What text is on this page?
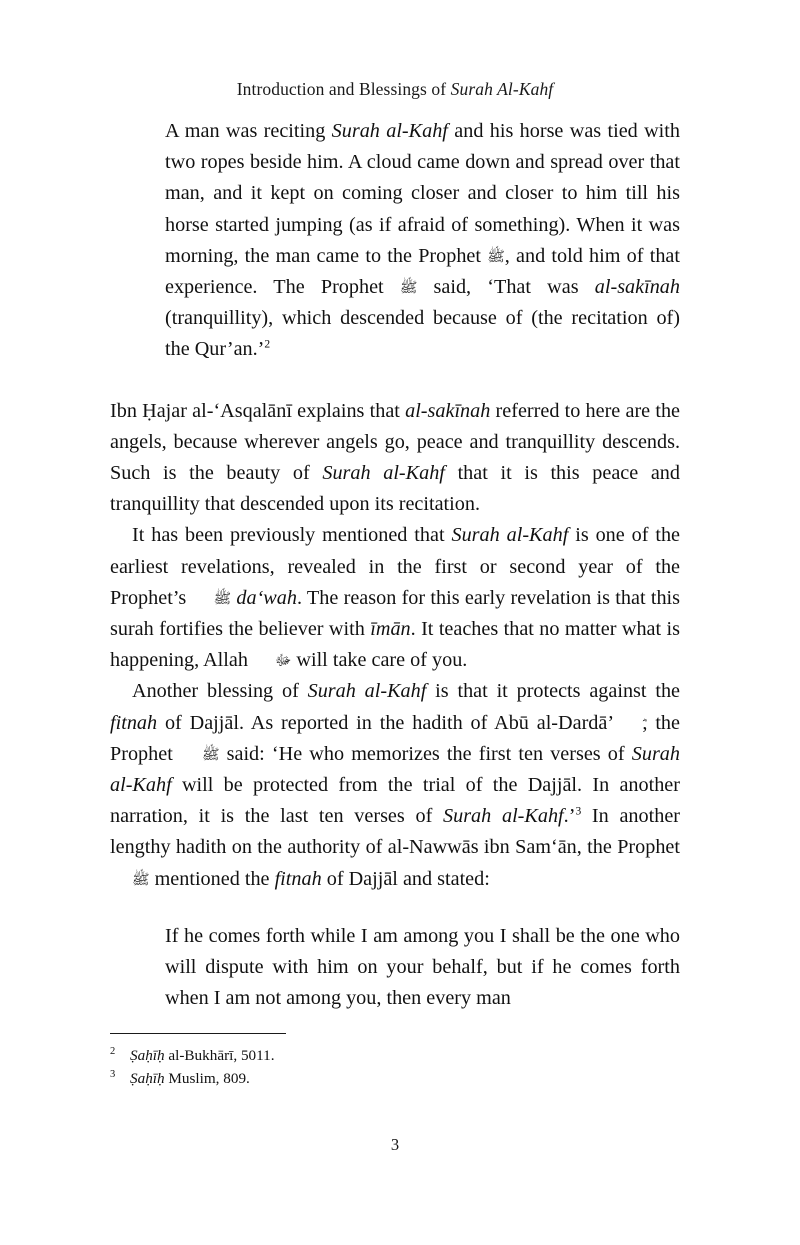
Introduction and Blessings of Surah Al-Kahf

A man was reciting Surah al-Kahf and his horse was tied with two ropes beside him. A cloud came down and spread over that man, and it kept on coming closer and closer to him till his horse started jumping (as if afraid of something). When it was morning, the man came to the Prophet ﷺ, and told him of that experience. The Prophet ﷺ said, ‘That was al-sakīnah (tranquillity), which descended because of (the recitation of) the Qur’an.’$^2$

Ibn Ḥajar al-‘Asqalānī explains that al-sakīnah referred to here are the angels, because wherever angels go, peace and tranquillity descends. Such is the beauty of Surah al-Kahf that it is this peace and tranquillity that descended upon its recitation.

It has been previously mentioned that Surah al-Kahf is one of the earliest revelations, revealed in the first or second year of the Prophet’s ﷺ da‘wah. The reason for this early revelation is that this surah fortifies the believer with īmān. It teaches that no matter what is happening, Allah ﷻ will take care of you.

Another blessing of Surah al-Kahf is that it protects against the fitnah of Dajjāl. As reported in the hadith of Abū al-Dardā’ , the Prophet ﷺ said: ‘He who memorizes the first ten verses of Surah al-Kahf will be protected from the trial of the Dajjāl. In another narration, it is the last ten verses of Surah al-Kahf.’$^3$ In another lengthy hadith on the authority of al-Nawwās ibn Sam‘ān, the Prophet ﷺ mentioned the fitnah of Dajjāl and stated:

If he comes forth while I am among you I shall be the one who will dispute with him on your behalf, but if he comes forth when I am not among you, then every man

2 Ṣaḥīḥ al-Bukhārī, 5011.
3 Ṣaḥīḥ Muslim, 809.
3
